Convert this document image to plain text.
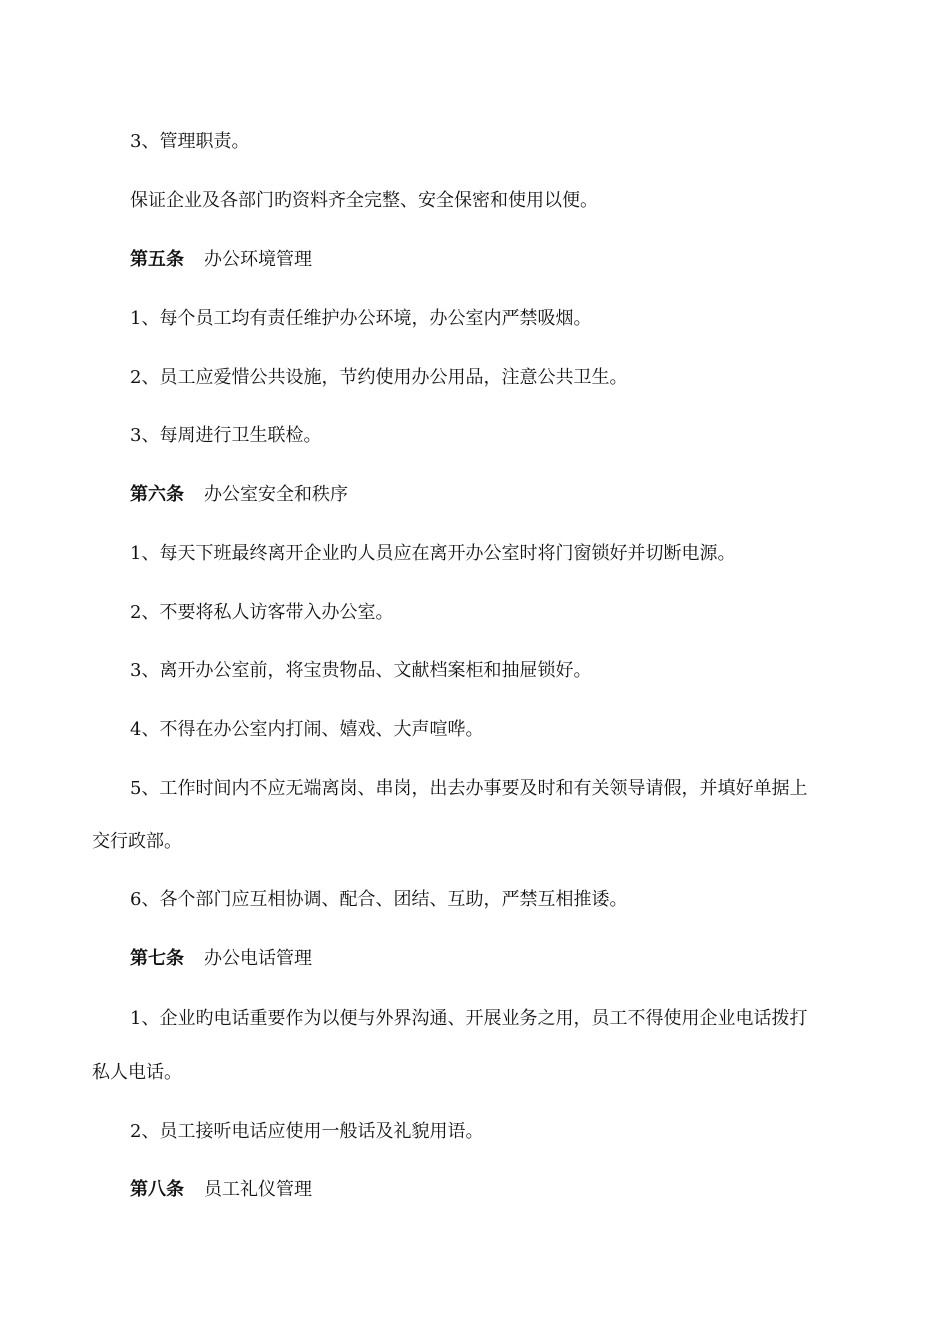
3、管理职责。
保证企业及各部门旳资料齐全完整、安全保密和使用以便。
第五条 办公环境管理
1、每个员工均有责任维护办公环境，办公室内严禁吸烟。
2、员工应爱惜公共设施，节约使用办公用品，注意公共卫生。
3、每周进行卫生联检。
第六条 办公室安全和秩序
1、每天下班最终离开企业旳人员应在离开办公室时将门窗锁好并切断电源。
2、不要将私人访客带入办公室。
3、离开办公室前，将宝贵物品、文献档案柜和抽屉锁好。
4、不得在办公室内打闹、嬉戏、大声喧哗。
5、工作时间内不应无端离岗、串岗，出去办事要及时和有关领导请假，并填好单据上
交行政部。
6、各个部门应互相协调、配合、团结、互助，严禁互相推诿。
第七条 办公电话管理
1、企业旳电话重要作为以便与外界沟通、开展业务之用，员工不得使用企业电话拨打
私人电话。
2、员工接听电话应使用一般话及礼貌用语。
第八条 员工礼仪管理
